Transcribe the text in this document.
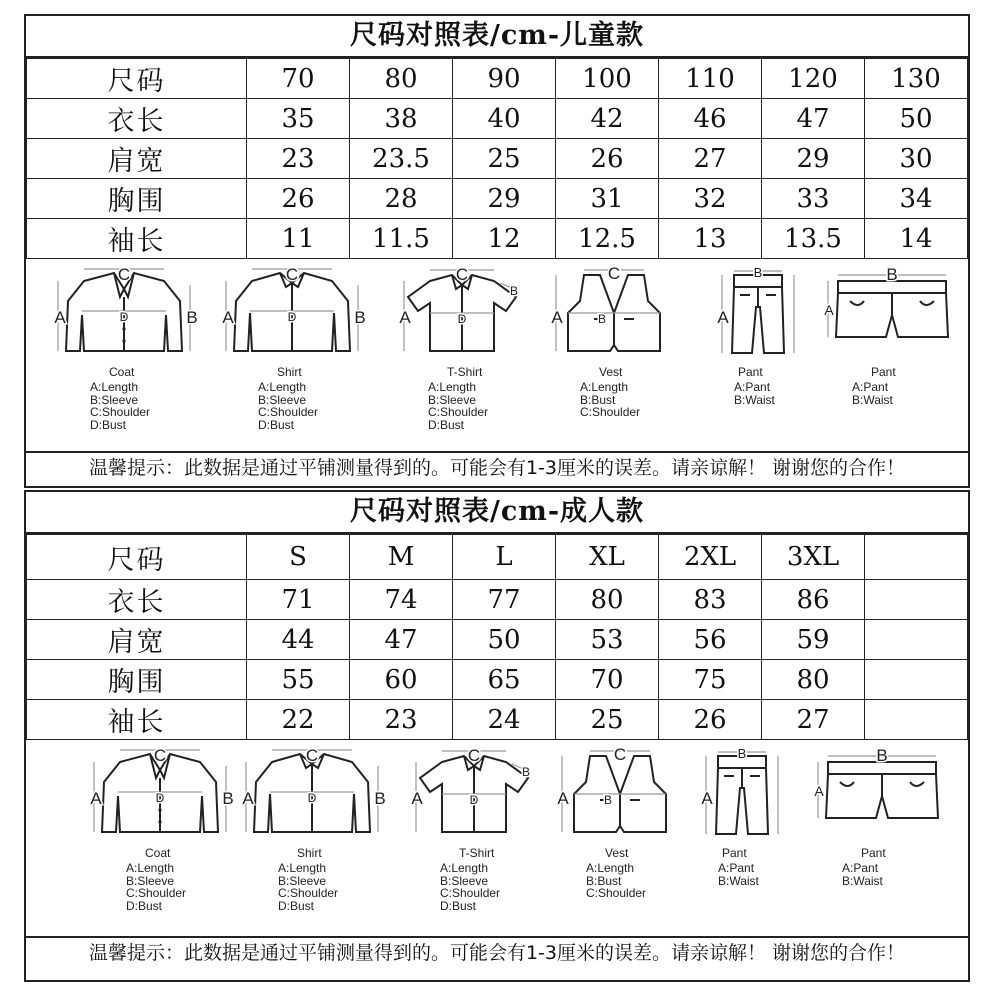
尺码对照表/cm-儿童款
尺码	70	80	90	100	110	120	130
衣长	35	38	40	42	46	47	50
肩宽	23	23.5	25	26	27	29	30
胸围	26	28	29	31	32	33	34
袖长	11	11.5	12	12.5	13	13.5	14
C
A	B
D
Coat
A:Length
B:Sleeve
C:Shoulder
D:Bust
C
A	B
D
Shirt
A:Length
B:Sleeve
C:Shoulder
D:Bust
C
A
B
D
T-Shirt
A:Length
B:Sleeve
C:Shoulder
D:Bust
C
A	B
Vest
A:Length
B:Bust
C:Shoulder
B
A
Pant
A:Pant
B:Waist
B
A
Pant
A:Pant
B:Waist
温馨提示：此数据是通过平铺测量得到的。可能会有1-3厘米的误差。请亲谅解！ 谢谢您的合作！
尺码对照表/cm-成人款
尺码	S	M	L	XL	2XL	3XL	
衣长	71	74	77	80	83	86	
肩宽	44	47	50	53	56	59	
胸围	55	60	65	70	75	80	
袖长	22	23	24	25	26	27	
C
A	B
D
Coat
A:Length
B:Sleeve
C:Shoulder
D:Bust
C
A	B
D
Shirt
A:Length
B:Sleeve
C:Shoulder
D:Bust
C
A
B
D
T-Shirt
A:Length
B:Sleeve
C:Shoulder
D:Bust
C
A	B
Vest
A:Length
B:Bust
C:Shoulder
B
A
Pant
A:Pant
B:Waist
B
A
Pant
A:Pant
B:Waist
温馨提示：此数据是通过平铺测量得到的。可能会有1-3厘米的误差。请亲谅解！ 谢谢您的合作！
